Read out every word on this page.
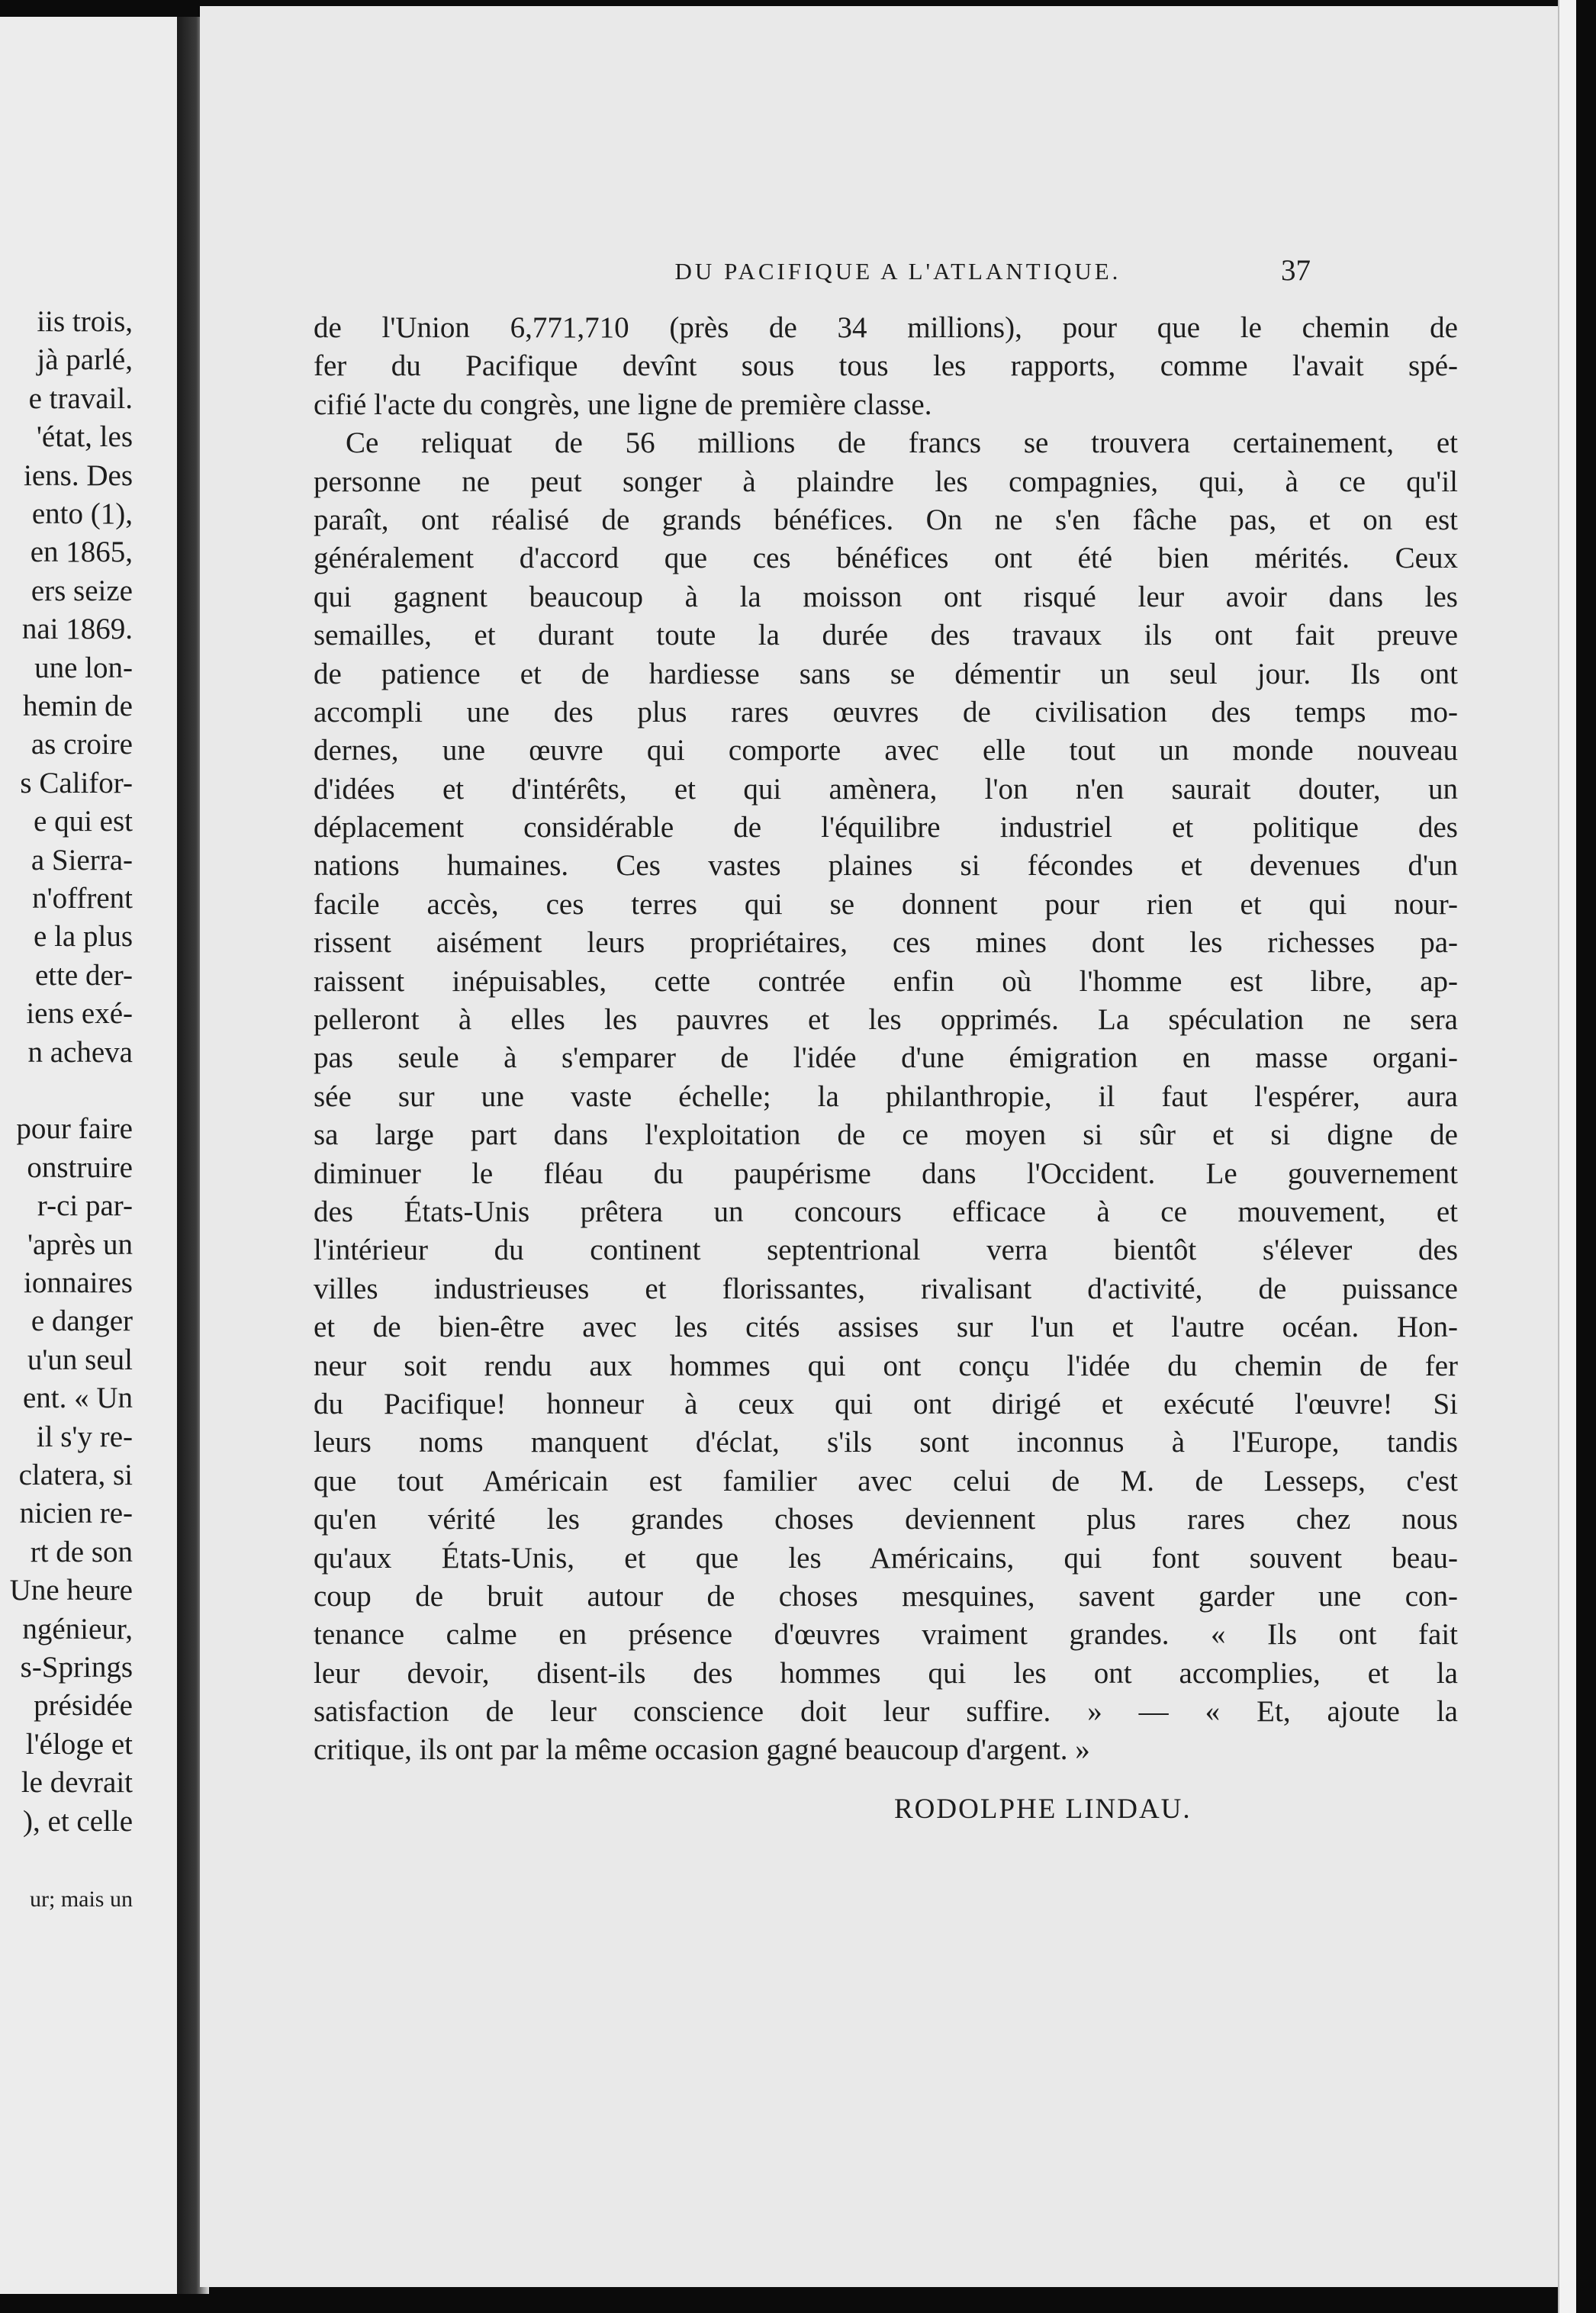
iis trois,
jà parlé,
e travail.
'état, les
iens. Des
ento (1),
en 1865,
ers seize
nai 1869.
une lon-
hemin de
as croire
s Califor-
e qui est
a Sierra-
n'offrent
e la plus
ette der-
iens exé-
n acheva
pour faire
onstruire
r-ci par-
'après un
ionnaires
e danger
u'un seul
ent. « Un
il s'y re-
clatera, si
nicien re-
rt de son
Une heure
ngénieur,
s-Springs
présidée
l'éloge et
le devrait
), et celle
ur; mais un
DU PACIFIQUE A L'ATLANTIQUE.	37
de l'Union 6,771,710 (près de 34 millions), pour que le chemin de
fer du Pacifique devînt sous tous les rapports, comme l'avait spé-
cifié l'acte du congrès, une ligne de première classe.
Ce reliquat de 56 millions de francs se trouvera certainement, et
personne ne peut songer à plaindre les compagnies, qui, à ce qu'il
paraît, ont réalisé de grands bénéfices. On ne s'en fâche pas, et on est
généralement d'accord que ces bénéfices ont été bien mérités. Ceux
qui gagnent beaucoup à la moisson ont risqué leur avoir dans les
semailles, et durant toute la durée des travaux ils ont fait preuve
de patience et de hardiesse sans se démentir un seul jour. Ils ont
accompli une des plus rares œuvres de civilisation des temps mo-
dernes, une œuvre qui comporte avec elle tout un monde nouveau
d'idées et d'intérêts, et qui amènera, l'on n'en saurait douter, un
déplacement considérable de l'équilibre industriel et politique des
nations humaines. Ces vastes plaines si fécondes et devenues d'un
facile accès, ces terres qui se donnent pour rien et qui nour-
rissent aisément leurs propriétaires, ces mines dont les richesses pa-
raissent inépuisables, cette contrée enfin où l'homme est libre, ap-
pelleront à elles les pauvres et les opprimés. La spéculation ne sera
pas seule à s'emparer de l'idée d'une émigration en masse organi-
sée sur une vaste échelle; la philanthropie, il faut l'espérer, aura
sa large part dans l'exploitation de ce moyen si sûr et si digne de
diminuer le fléau du paupérisme dans l'Occident. Le gouvernement
des États-Unis prêtera un concours efficace à ce mouvement, et
l'intérieur du continent septentrional verra bientôt s'élever des
villes industrieuses et florissantes, rivalisant d'activité, de puissance
et de bien-être avec les cités assises sur l'un et l'autre océan. Hon-
neur soit rendu aux hommes qui ont conçu l'idée du chemin de fer
du Pacifique! honneur à ceux qui ont dirigé et exécuté l'œuvre! Si
leurs noms manquent d'éclat, s'ils sont inconnus à l'Europe, tandis
que tout Américain est familier avec celui de M. de Lesseps, c'est
qu'en vérité les grandes choses deviennent plus rares chez nous
qu'aux États-Unis, et que les Américains, qui font souvent beau-
coup de bruit autour de choses mesquines, savent garder une con-
tenance calme en présence d'œuvres vraiment grandes. « Ils ont fait
leur devoir, disent-ils des hommes qui les ont accomplies, et la
satisfaction de leur conscience doit leur suffire. » — « Et, ajoute la
critique, ils ont par la même occasion gagné beaucoup d'argent. »
RODOLPHE LINDAU.
